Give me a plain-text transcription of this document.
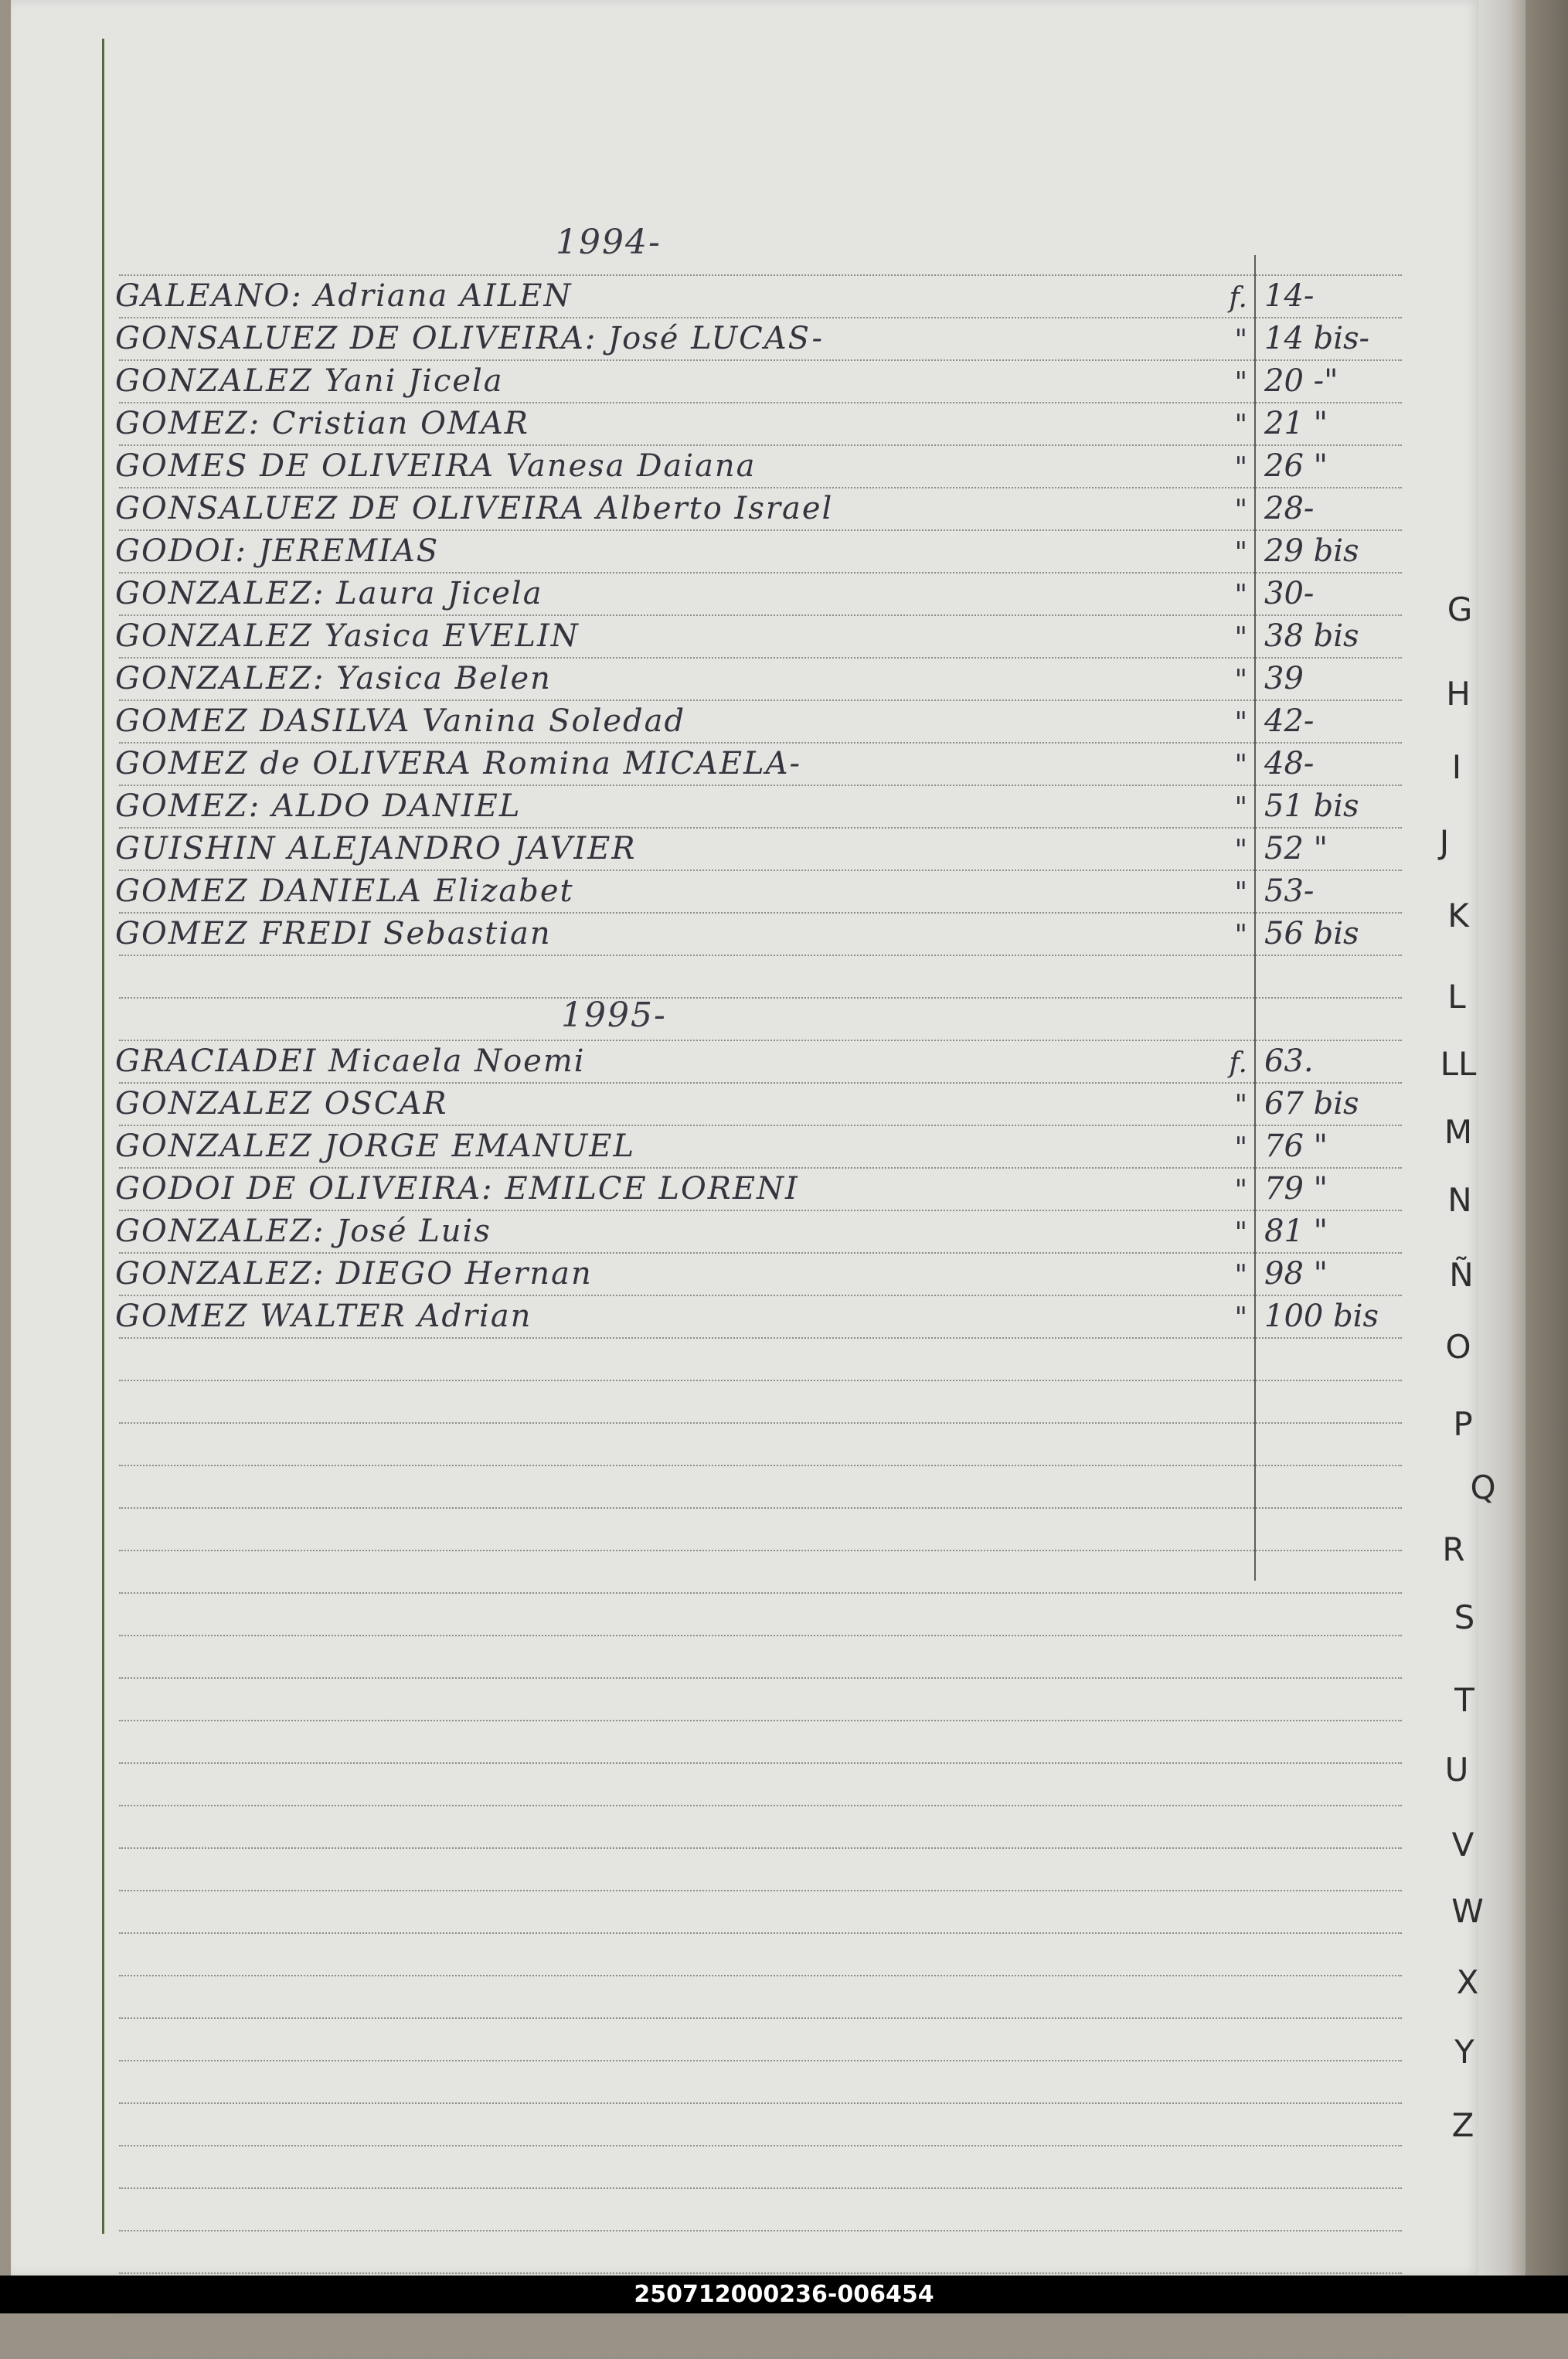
1994-
GALEANO: Adriana AILEN	f. 14-
GONSALUEZ DE OLIVEIRA: José LUCAS-	" 14 bis-
GONZALEZ Yani Jicela	" 20 -"
GOMEZ: Cristian OMAR	" 21 "
GOMES DE OLIVEIRA Vanesa Daiana	" 26 "
GONSALUEZ DE OLIVEIRA Alberto Israel	" 28-
GODOI: JEREMIAS	" 29 bis
GONZALEZ: Laura Jicela	" 30-
GONZALEZ Yasica EVELIN	" 38 bis
GONZALEZ: Yasica Belen	" 39
GOMEZ DASILVA Vanina Soledad	" 42-
GOMEZ de OLIVERA Romina MICAELA-	" 48-
GOMEZ: ALDO DANIEL	" 51 bis
GUISHIN ALEJANDRO JAVIER	" 52 "
GOMEZ DANIELA Elizabet	" 53-
GOMEZ FREDI Sebastian	" 56 bis
1995-
GRACIADEI Micaela Noemi	f. 63.
GONZALEZ OSCAR	" 67 bis
GONZALEZ JORGE EMANUEL	" 76 "
GODOI DE OLIVEIRA: EMILCE LORENI	" 79 "
GONZALEZ: José Luis	" 81 "
GONZALEZ: DIEGO Hernan	" 98 "
GOMEZ WALTER Adrian	" 100 bis
G
H
I
J
K
L
LL
M
N
Ñ
O
P
Q
R
S
T
U
V
W
X
Y
Z
250712000236-006454
